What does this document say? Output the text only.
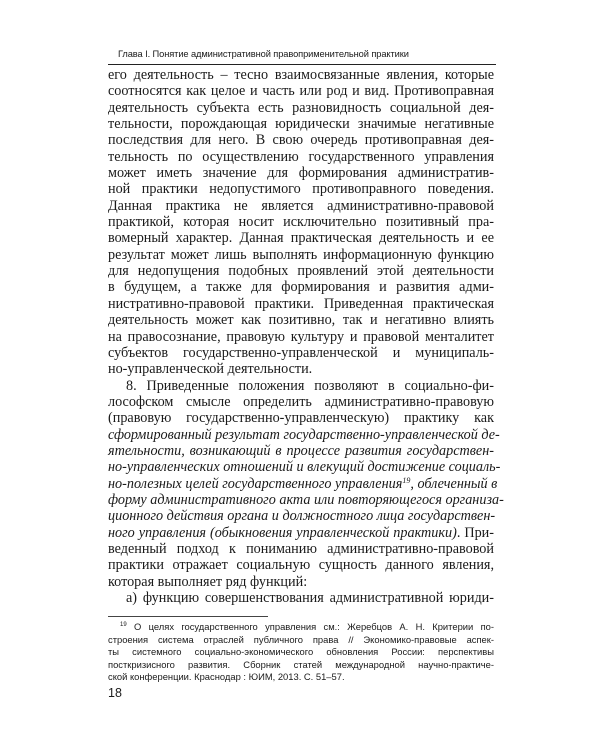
Глава I. Понятие административной правоприменительной практики
его деятельность – тесно взаимосвязанные явления, которые
соотносятся как целое и часть или род и вид. Противоправная
деятельность субъекта есть разновидность социальной дея-
тельности, порождающая юридически значимые негативные
последствия для него. В свою очередь противоправная дея-
тельность по осуществлению государственного управления
может иметь значение для формирования административ-
ной практики недопустимого противоправного поведения.
Данная практика не является административно-правовой
практикой, которая носит исключительно позитивный пра-
вомерный характер. Данная практическая деятельность и ее
результат может лишь выполнять информационную функцию
для недопущения подобных проявлений этой деятельности
в будущем, а также для формирования и развития адми-
нистративно-правовой практики. Приведенная практическая
деятельность может как позитивно, так и негативно влиять
на правосознание, правовую культуру и правовой менталитет
субъектов государственно-управленческой и муниципаль-
но-управленческой деятельности.
8. Приведенные положения позволяют в социально-фи-
лософском смысле определить административно-правовую
(правовую государственно-управленческую) практику как
сформированный результат государственно-управленческой де-
ятельности, возникающий в процессе развития государствен-
но-управленческих отношений и влекущий достижение социаль-
но-полезных целей государственного управления$^{19}$, облеченный в
форму административного акта или повторяющегося организа-
ционного действия органа и должностного лица государствен-
ного управления (обыкновения управленческой практики). При-
веденный подход к пониманию административно-правовой
практики отражает социальную сущность данного явления,
которая выполняет ряд функций:
а) функцию совершенствования административной юриди-
$^{19}$ О целях государственного управления см.: Жеребцов А. Н. Критерии по-
строения система отраслей публичного права // Экономико-правовые аспек-
ты системного социально-экономического обновления России: перспективы
посткризисного развития. Сборник статей международной научно-практиче-
ской конференции. Краснодар : ЮИМ, 2013. С. 51–57.
18
